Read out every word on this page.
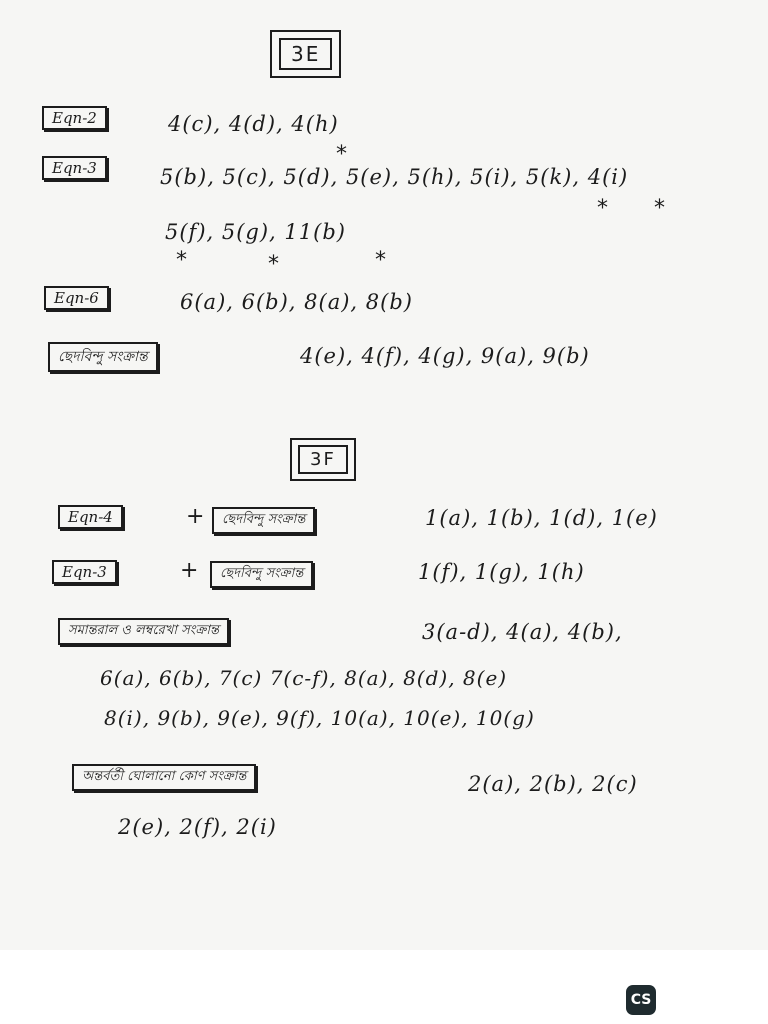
3E
Eqn-2	4(c), 4(d), 4(h)
*
Eqn-3	5(b), 5(c), 5(d), 5(e), 5(h), 5(i), 5(k), 4(i)
* *
5(f), 5(g), 11(b)
*	*	*
Eqn-6	6(a), 6(b), 8(a), 8(b)
ছেদবিন্দু সংক্রান্ত	4(e), 4(f), 4(g), 9(a), 9(b)
3F
Eqn-4	+	ছেদবিন্দু সংক্রান্ত	1(a), 1(b), 1(d), 1(e)
Eqn-3	+	ছেদবিন্দু সংক্রান্ত	1(f), 1(g), 1(h)
সমান্তরাল ও লম্বরেখা সংক্রান্ত	3(a-d), 4(a), 4(b),
6(a), 6(b), 7(c) 7(c-f), 8(a), 8(d), 8(e)
8(i), 9(b), 9(e), 9(f), 10(a), 10(e), 10(g)
অন্তর্বর্তী ঘোলানো কোণ সংক্রান্ত	2(a), 2(b), 2(c)
2(e), 2(f), 2(i)
CS
